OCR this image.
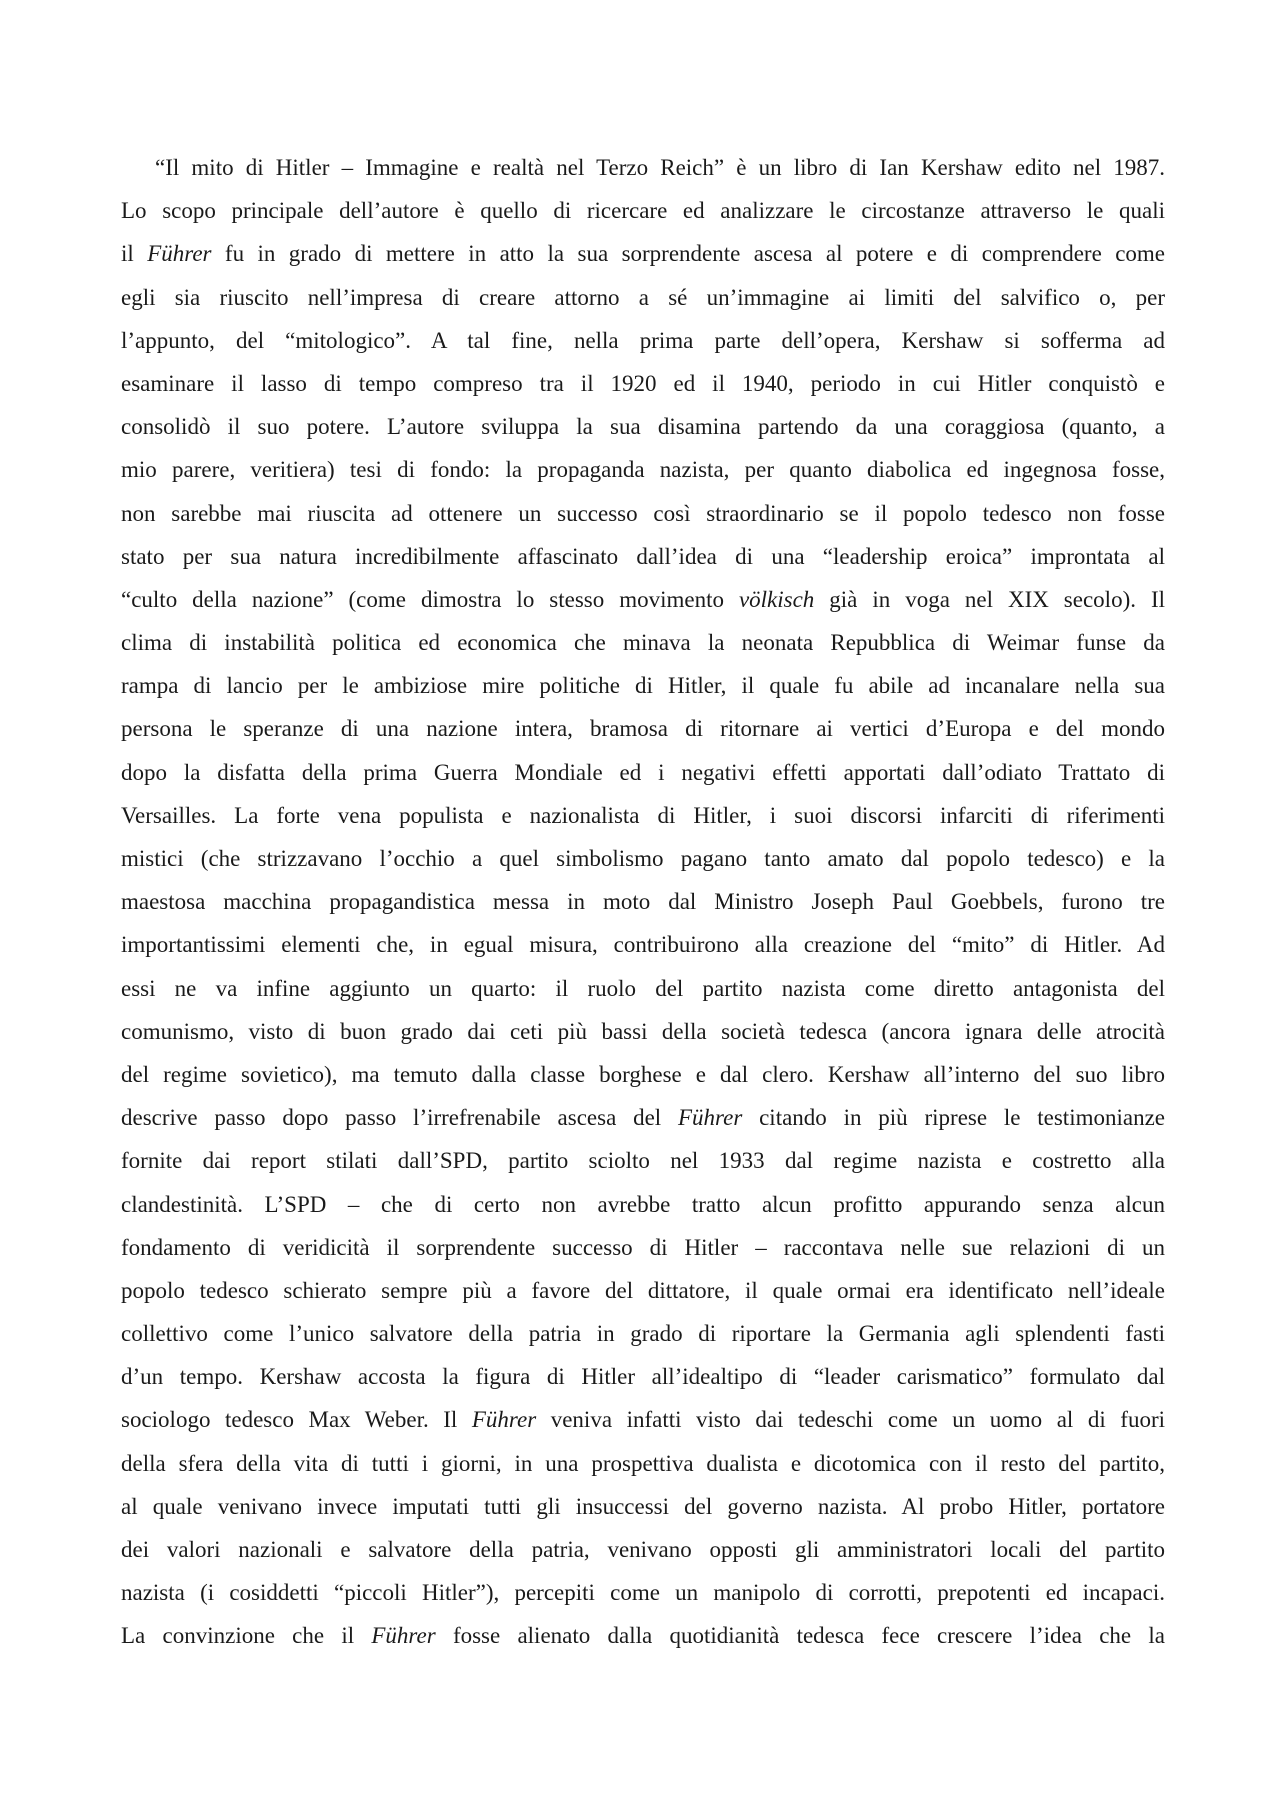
“Il mito di Hitler – Immagine e realtà nel Terzo Reich” è un libro di Ian Kershaw edito nel 1987.
Lo scopo principale dell’autore è quello di ricercare ed analizzare le circostanze attraverso le quali
il Führer fu in grado di mettere in atto la sua sorprendente ascesa al potere e di comprendere come
egli sia riuscito nell’impresa di creare attorno a sé un’immagine ai limiti del salvifico o, per
l’appunto, del “mitologico”. A tal fine, nella prima parte dell’opera, Kershaw si sofferma ad
esaminare il lasso di tempo compreso tra il 1920 ed il 1940, periodo in cui Hitler conquistò e
consolidò il suo potere. L’autore sviluppa la sua disamina partendo da una coraggiosa (quanto, a
mio parere, veritiera) tesi di fondo: la propaganda nazista, per quanto diabolica ed ingegnosa fosse,
non sarebbe mai riuscita ad ottenere un successo così straordinario se il popolo tedesco non fosse
stato per sua natura incredibilmente affascinato dall’idea di una “leadership eroica” improntata al
“culto della nazione” (come dimostra lo stesso movimento völkisch già in voga nel XIX secolo). Il
clima di instabilità politica ed economica che minava la neonata Repubblica di Weimar funse da
rampa di lancio per le ambiziose mire politiche di Hitler, il quale fu abile ad incanalare nella sua
persona le speranze di una nazione intera, bramosa di ritornare ai vertici d’Europa e del mondo
dopo la disfatta della prima Guerra Mondiale ed i negativi effetti apportati dall’odiato Trattato di
Versailles. La forte vena populista e nazionalista di Hitler, i suoi discorsi infarciti di riferimenti
mistici (che strizzavano l’occhio a quel simbolismo pagano tanto amato dal popolo tedesco) e la
maestosa macchina propagandistica messa in moto dal Ministro Joseph Paul Goebbels, furono tre
importantissimi elementi che, in egual misura, contribuirono alla creazione del “mito” di Hitler. Ad
essi ne va infine aggiunto un quarto: il ruolo del partito nazista come diretto antagonista del
comunismo, visto di buon grado dai ceti più bassi della società tedesca (ancora ignara delle atrocità
del regime sovietico), ma temuto dalla classe borghese e dal clero. Kershaw all’interno del suo libro
descrive passo dopo passo l’irrefrenabile ascesa del Führer citando in più riprese le testimonianze
fornite dai report stilati dall’SPD, partito sciolto nel 1933 dal regime nazista e costretto alla
clandestinità. L’SPD – che di certo non avrebbe tratto alcun profitto appurando senza alcun
fondamento di veridicità il sorprendente successo di Hitler – raccontava nelle sue relazioni di un
popolo tedesco schierato sempre più a favore del dittatore, il quale ormai era identificato nell’ideale
collettivo come l’unico salvatore della patria in grado di riportare la Germania agli splendenti fasti
d’un tempo. Kershaw accosta la figura di Hitler all’idealtipo di “leader carismatico” formulato dal
sociologo tedesco Max Weber. Il Führer veniva infatti visto dai tedeschi come un uomo al di fuori
della sfera della vita di tutti i giorni, in una prospettiva dualista e dicotomica con il resto del partito,
al quale venivano invece imputati tutti gli insuccessi del governo nazista. Al probo Hitler, portatore
dei valori nazionali e salvatore della patria, venivano opposti gli amministratori locali del partito
nazista (i cosiddetti “piccoli Hitler”), percepiti come un manipolo di corrotti, prepotenti ed incapaci.
La convinzione che il Führer fosse alienato dalla quotidianità tedesca fece crescere l’idea che la
